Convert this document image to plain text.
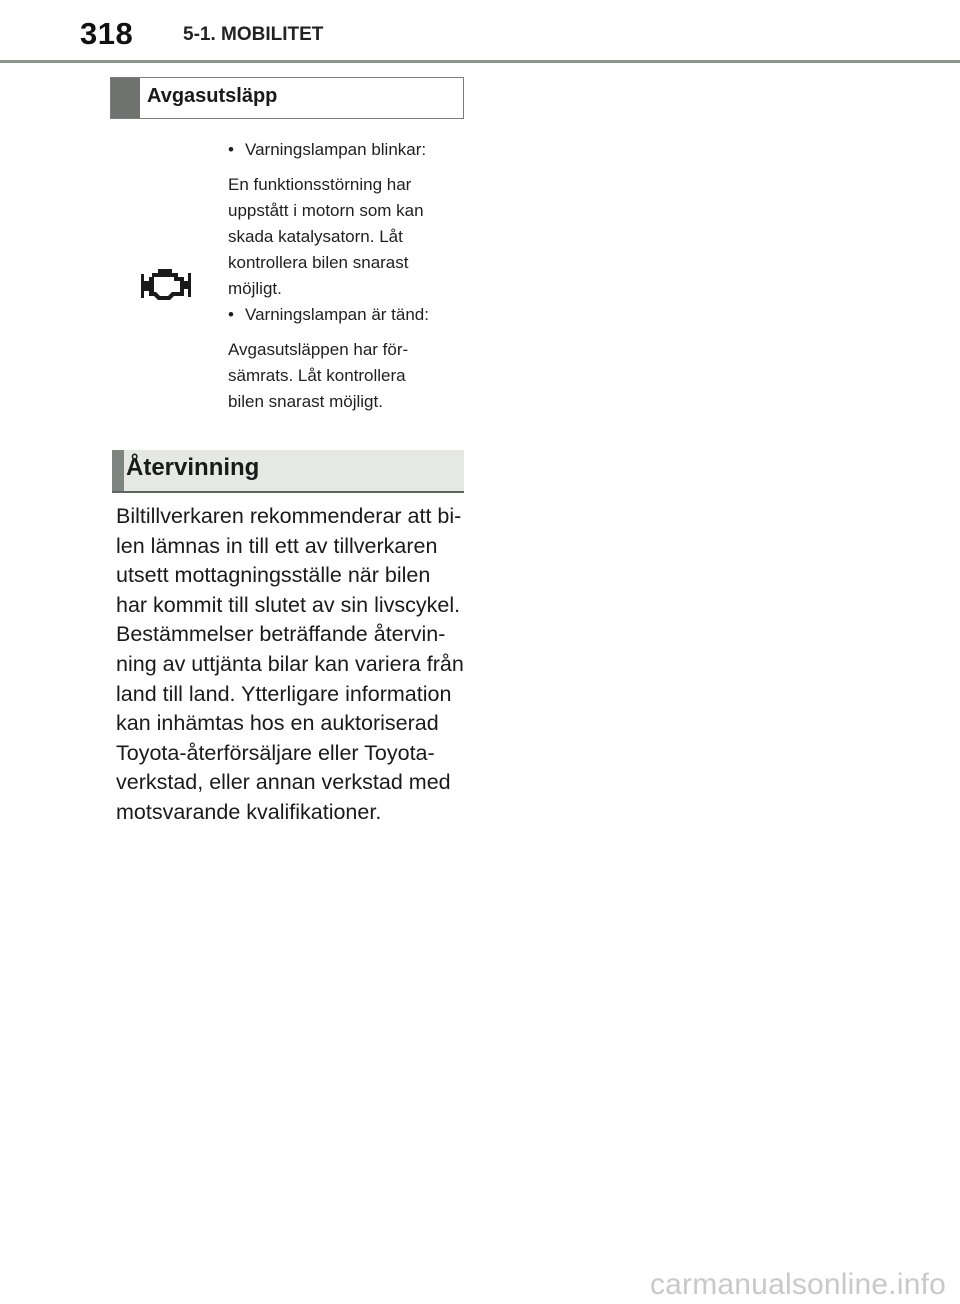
318	5-1. MOBILITET
Avgasutsläpp
• Varningslampan blinkar:
En funktionsstörning har
uppstått i motorn som kan
skada katalysatorn. Låt
kontrollera bilen snarast
möjligt.
• Varningslampan är tänd:
Avgasutsläppen har för-
sämrats. Låt kontrollera
bilen snarast möjligt.
Återvinning
Biltillverkaren rekommenderar att bi-
len lämnas in till ett av tillverkaren
utsett mottagningsställe när bilen
har kommit till slutet av sin livscykel.
Bestämmelser beträffande återvin-
ning av uttjänta bilar kan variera från
land till land. Ytterligare information
kan inhämtas hos en auktoriserad
Toyota-återförsäljare eller Toyota-
verkstad, eller annan verkstad med
motsvarande kvalifikationer.
carmanualsonline.info
